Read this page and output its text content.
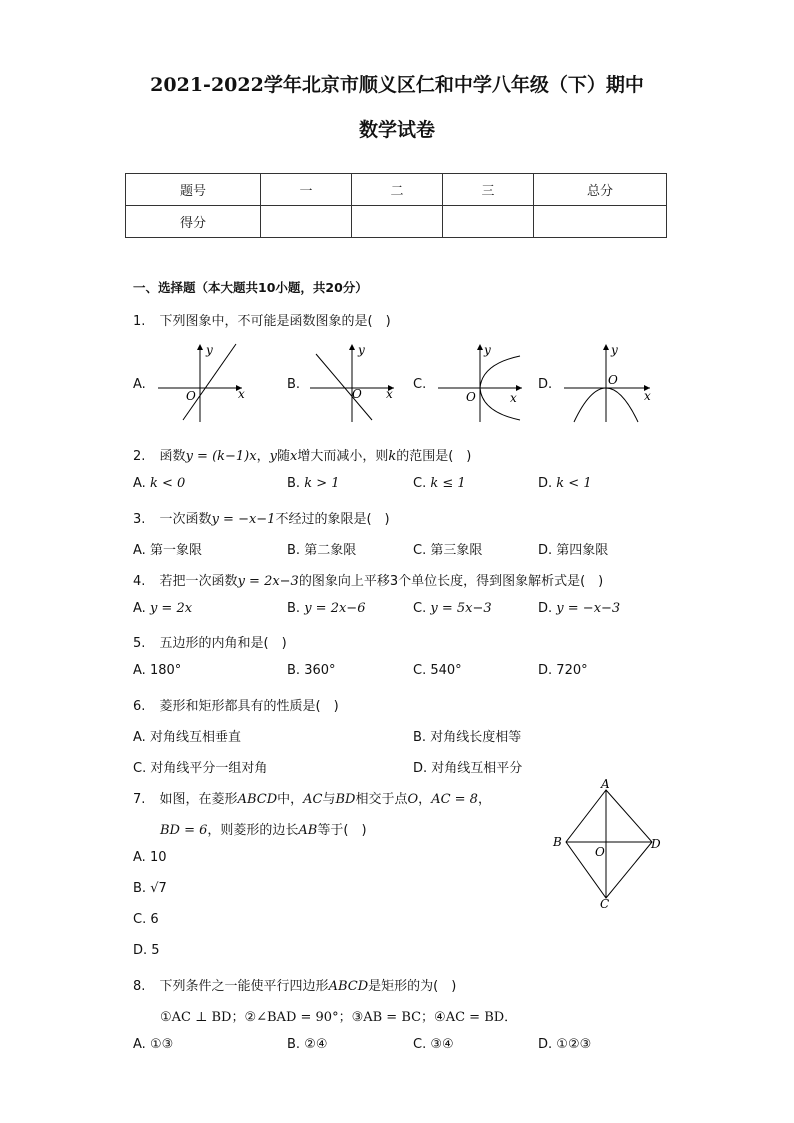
2021-2022学年北京市顺义区仁和中学八年级（下）期中
数学试卷
题号	一	二	三	总分
得分				
一、选择题（本大题共10小题，共20分）
1. 下列图象中，不可能是函数图象的是(　)
A.
y
x
O
B.
y
x
O
C.
y
x
O
D.
y
x
O
2. 函数y = (k−1)x，y随x增大而减小，则k的范围是(　)
A. k < 0	B. k > 1	C. k ≤ 1	D. k < 1
3. 一次函数y = −x−1不经过的象限是(　)
A. 第一象限	B. 第二象限	C. 第三象限	D. 第四象限
4. 若把一次函数y = 2x−3的图象向上平移3个单位长度，得到图象解析式是(　)
A. y = 2x	B. y = 2x−6	C. y = 5x−3	D. y = −x−3
5. 五边形的内角和是(　)
A. 180°	B. 360°	C. 540°	D. 720°
6. 菱形和矩形都具有的性质是(　)
A. 对角线互相垂直	B. 对角线长度相等
C. 对角线平分一组对角	D. 对角线互相平分
7. 如图，在菱形ABCD中，AC与BD相交于点O，AC = 8，
BD = 6，则菱形的边长AB等于(　)
A. 10
B. √7
C. 6
D. 5
A
B
C
D
O
8. 下列条件之一能使平行四边形ABCD是矩形的为(　)
①AC ⊥ BD；②∠BAD = 90°；③AB = BC；④AC = BD．
A. ①③	B. ②④	C. ③④	D. ①②③
